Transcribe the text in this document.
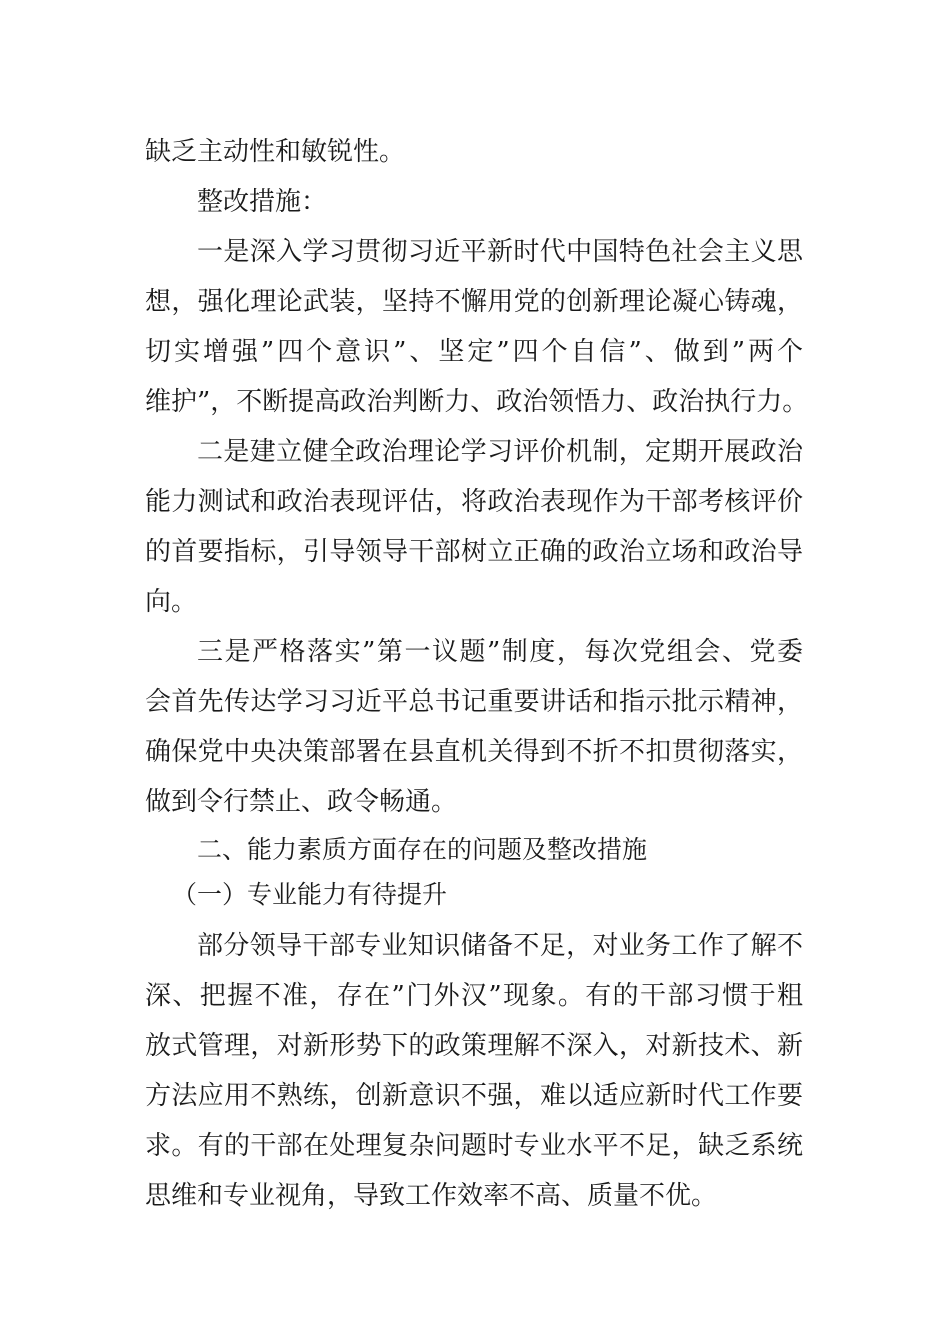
缺乏主动性和敏锐性。
整改措施：
一是深入学习贯彻习近平新时代中国特色社会主义思
想，强化理论武装，坚持不懈用党的创新理论凝心铸魂，
切实增强”四个意识”、坚定”四个自信”、做到”两个
维护”，不断提高政治判断力、政治领悟力、政治执行力。
二是建立健全政治理论学习评价机制，定期开展政治
能力测试和政治表现评估，将政治表现作为干部考核评价
的首要指标，引导领导干部树立正确的政治立场和政治导
向。
三是严格落实”第一议题”制度，每次党组会、党委
会首先传达学习习近平总书记重要讲话和指示批示精神，
确保党中央决策部署在县直机关得到不折不扣贯彻落实，
做到令行禁止、政令畅通。
二、能力素质方面存在的问题及整改措施
（一）专业能力有待提升
部分领导干部专业知识储备不足，对业务工作了解不
深、把握不准，存在”门外汉”现象。有的干部习惯于粗
放式管理，对新形势下的政策理解不深入，对新技术、新
方法应用不熟练，创新意识不强，难以适应新时代工作要
求。有的干部在处理复杂问题时专业水平不足，缺乏系统
思维和专业视角，导致工作效率不高、质量不优。
